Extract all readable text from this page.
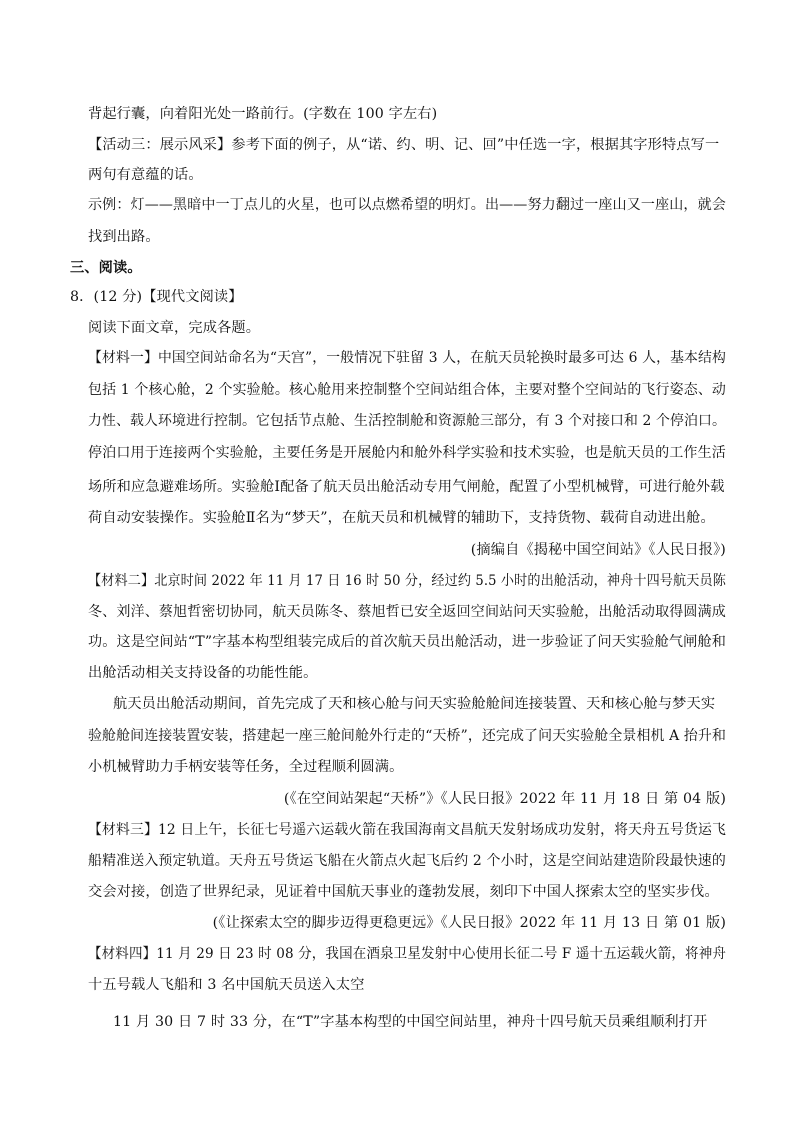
背起行囊，向着阳光处一路前行。(字数在 100 字左右)
【活动三：展示风采】参考下面的例子，从“诺、约、明、记、回”中任选一字，根据其字形特点写一
两句有意蕴的话。
示例：灯——黑暗中一丁点儿的火星，也可以点燃希望的明灯。出——努力翻过一座山又一座山，就会
找到出路。
三、阅读。
8．(12 分)【现代文阅读】
阅读下面文章，完成各题。
【材料一】中国空间站命名为“天宫”，一般情况下驻留 3 人，在航天员轮换时最多可达 6 人，基本结构
包括 1 个核心舱，2 个实验舱。核心舱用来控制整个空间站组合体，主要对整个空间站的飞行姿态、动
力性、载人环境进行控制。它包括节点舱、生活控制舱和资源舱三部分，有 3 个对接口和 2 个停泊口。
停泊口用于连接两个实验舱，主要任务是开展舱内和舱外科学实验和技术实验，也是航天员的工作生活
场所和应急避难场所。实验舱Ⅰ配备了航天员出舱活动专用气闸舱，配置了小型机械臂，可进行舱外载
荷自动安装操作。实验舱Ⅱ名为“梦天”，在航天员和机械臂的辅助下，支持货物、载荷自动进出舱。
(摘编自《揭秘中国空间站》《人民日报》)
【材料二】北京时间 2022 年 11 月 17 日 16 时 50 分，经过约 5.5 小时的出舱活动，神舟十四号航天员陈
冬、刘洋、蔡旭哲密切协同，航天员陈冬、蔡旭哲已安全返回空间站问天实验舱，出舱活动取得圆满成
功。这是空间站“T”字基本构型组装完成后的首次航天员出舱活动，进一步验证了问天实验舱气闸舱和
出舱活动相关支持设备的功能性能。
航天员出舱活动期间，首先完成了天和核心舱与问天实验舱舱间连接装置、天和核心舱与梦天实
验舱舱间连接装置安装，搭建起一座三舱间舱外行走的“天桥”，还完成了问天实验舱全景相机 A 抬升和
小机械臂助力手柄安装等任务，全过程顺利圆满。
(《在空间站架起“天桥”》《人民日报》2022 年 11 月 18 日 第 04 版)
【材料三】12 日上午，长征七号遥六运载火箭在我国海南文昌航天发射场成功发射，将天舟五号货运飞
船精准送入预定轨道。天舟五号货运飞船在火箭点火起飞后约 2 个小时，这是空间站建造阶段最快速的
交会对接，创造了世界纪录，见证着中国航天事业的蓬勃发展，刻印下中国人探索太空的坚实步伐。
(《让探索太空的脚步迈得更稳更远》《人民日报》2022 年 11 月 13 日 第 01 版)
【材料四】11 月 29 日 23 时 08 分，我国在酒泉卫星发射中心使用长征二号 F 遥十五运载火箭，将神舟
十五号载人飞船和 3 名中国航天员送入太空
11 月 30 日 7 时 33 分，在“T”字基本构型的中国空间站里，神舟十四号航天员乘组顺利打开
